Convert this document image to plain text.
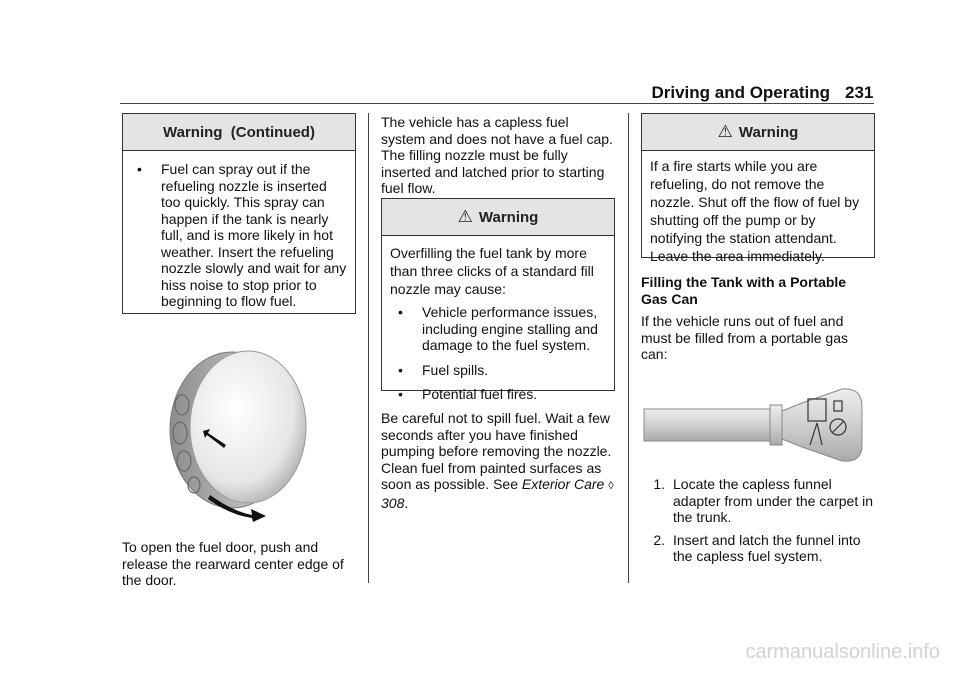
Driving and Operating 231
Warning  (Continued)
•	Fuel can spray out if the refueling nozzle is inserted too quickly. This spray can happen if the tank is nearly full, and is more likely in hot weather. Insert the refueling nozzle slowly and wait for any hiss noise to stop prior to beginning to flow fuel.
To open the fuel door, push and release the rearward center edge of the door.
The vehicle has a capless fuel system and does not have a fuel cap. The filling nozzle must be fully inserted and latched prior to starting fuel flow.
⚠ Warning

Overfilling the fuel tank by more than three clicks of a standard fill nozzle may cause:

•	Vehicle performance issues, including engine stalling and damage to the fuel system.
•	Fuel spills.
•	Potential fuel fires.
Be careful not to spill fuel. Wait a few seconds after you have finished pumping before removing the nozzle. Clean fuel from painted surfaces as soon as possible. See Exterior Care ◊ 308.
⚠ Warning
If a fire starts while you are refueling, do not remove the nozzle. Shut off the flow of fuel by shutting off the pump or by notifying the station attendant. Leave the area immediately.
Filling the Tank with a Portable Gas Can
If the vehicle runs out of fuel and must be filled from a portable gas can:
1. Locate the capless funnel adapter from under the carpet in the trunk.
2. Insert and latch the funnel into the capless fuel system.
carmanualsonline.info
